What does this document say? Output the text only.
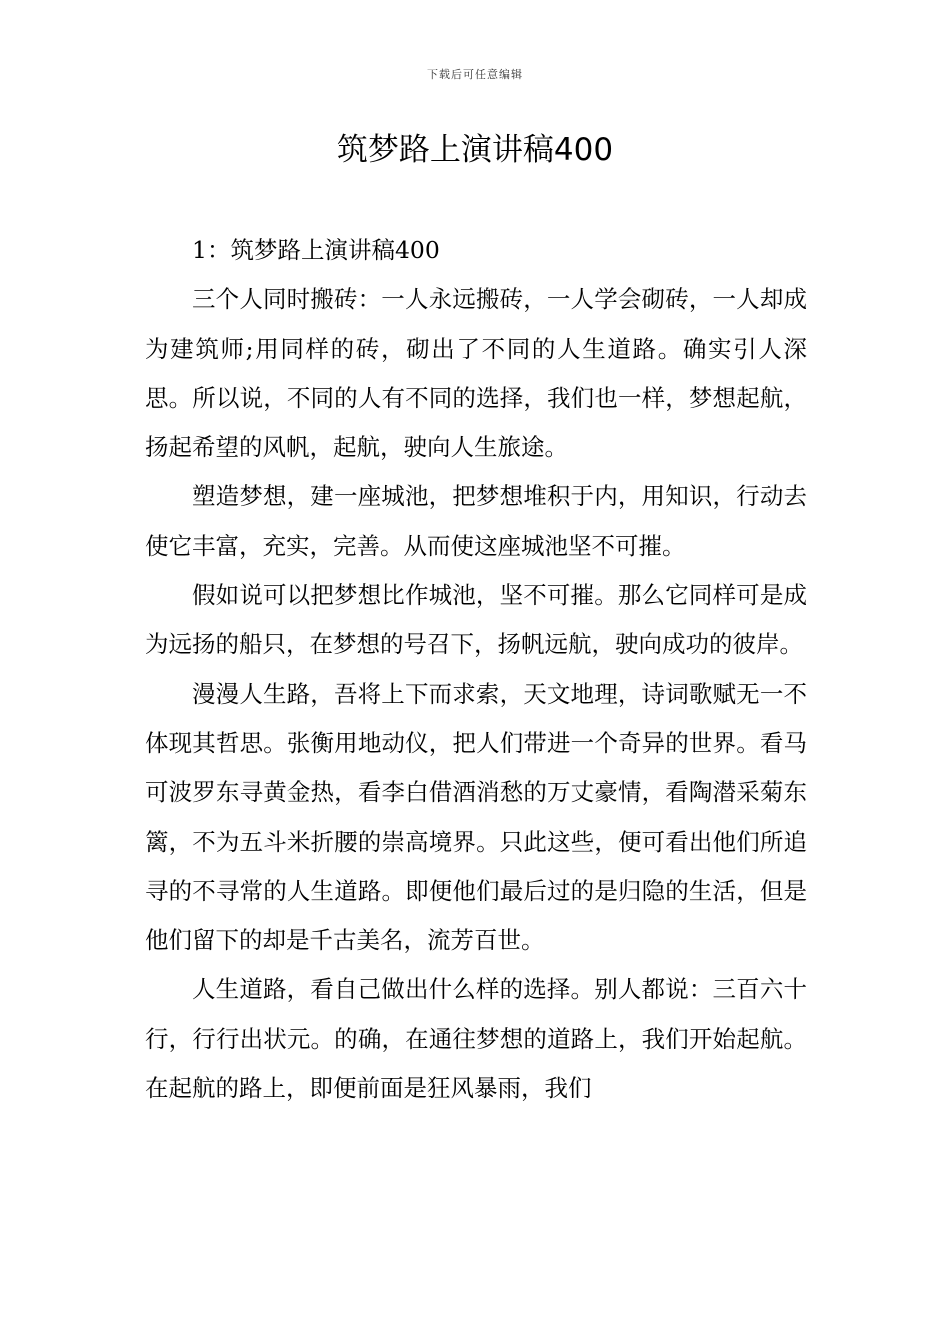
下载后可任意编辑
筑梦路上演讲稿400

1：筑梦路上演讲稿400

三个人同时搬砖：一人永远搬砖，一人学会砌砖，一人却成为建筑师;用同样的砖，砌出了不同的人生道路。确实引人深思。所以说，不同的人有不同的选择，我们也一样，梦想起航，扬起希望的风帆，起航，驶向人生旅途。

塑造梦想，建一座城池，把梦想堆积于内，用知识，行动去使它丰富，充实，完善。从而使这座城池坚不可摧。

假如说可以把梦想比作城池，坚不可摧。那么它同样可是成为远扬的船只，在梦想的号召下，扬帆远航，驶向成功的彼岸。

漫漫人生路，吾将上下而求索，天文地理，诗词歌赋无一不体现其哲思。张衡用地动仪，把人们带进一个奇异的世界。看马可波罗东寻黄金热，看李白借酒消愁的万丈豪情，看陶潜采菊东篱，不为五斗米折腰的崇高境界。只此这些，便可看出他们所追寻的不寻常的人生道路。即便他们最后过的是归隐的生活，但是他们留下的却是千古美名，流芳百世。

人生道路，看自己做出什么样的选择。别人都说：三百六十行，行行出状元。的确，在通往梦想的道路上，我们开始起航。在起航的路上，即便前面是狂风暴雨，我们
